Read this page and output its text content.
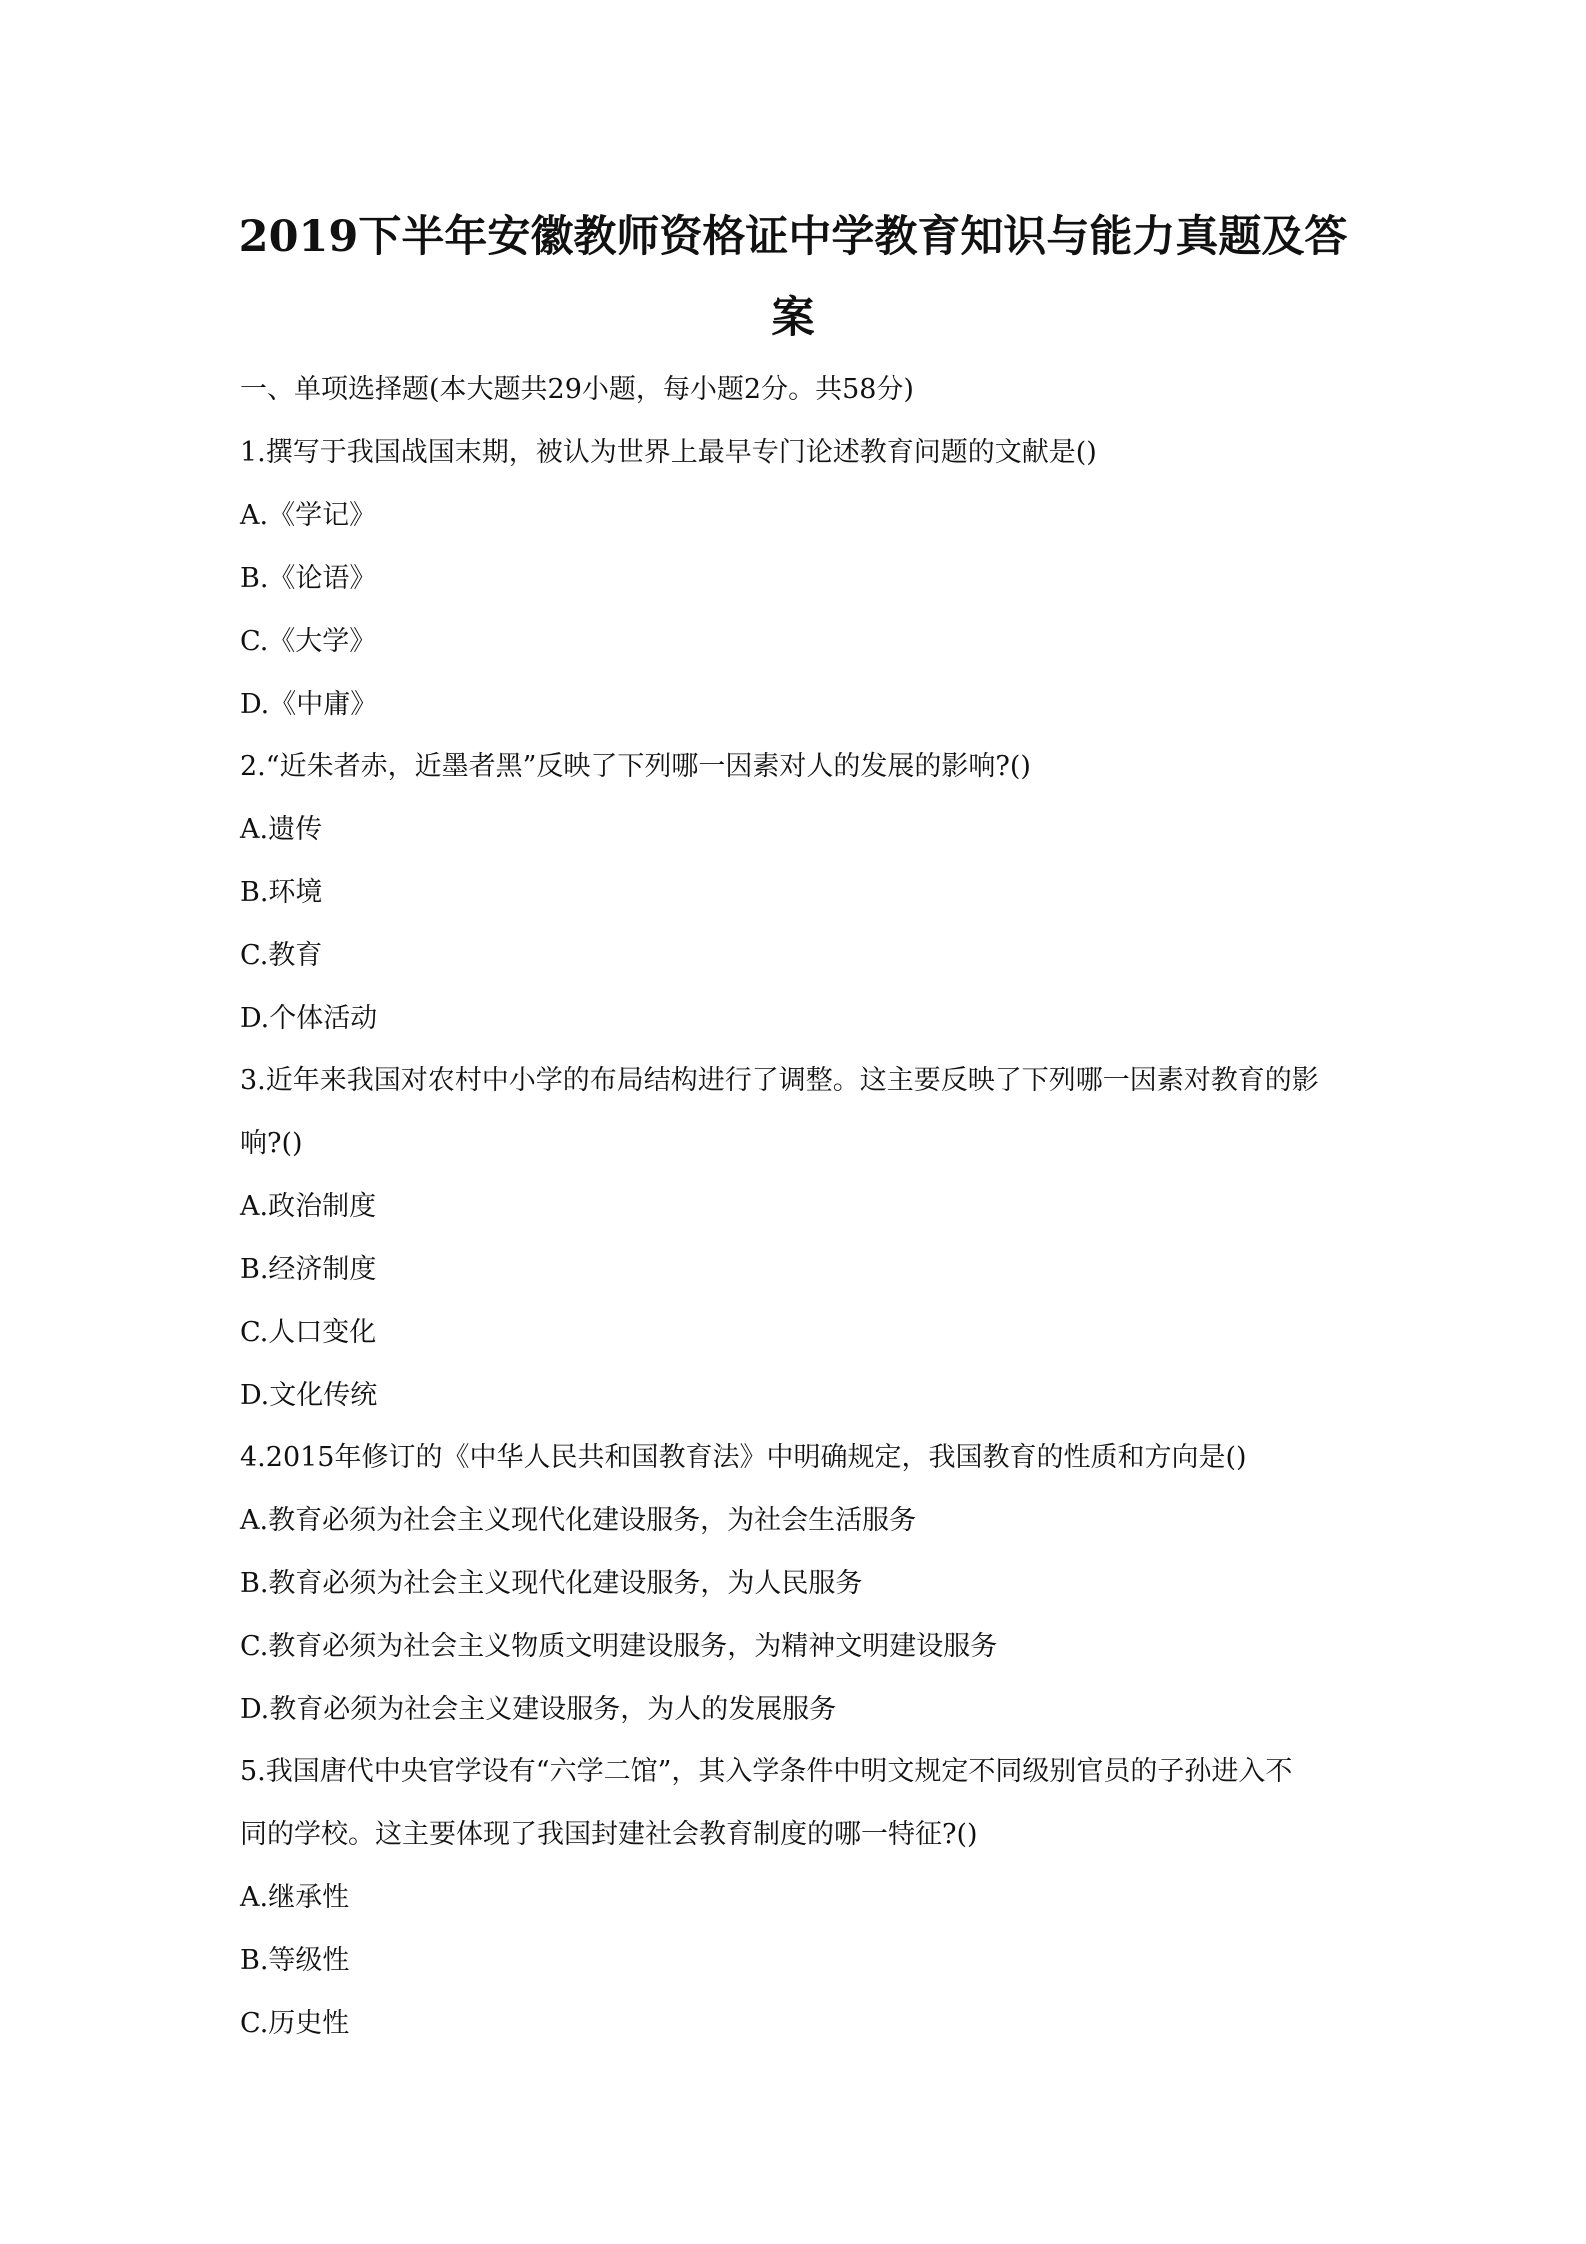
2019下半年安徽教师资格证中学教育知识与能力真题及答
案
一、单项选择题(本大题共29小题，每小题2分。共58分)
1.撰写于我国战国末期，被认为世界上最早专门论述教育问题的文献是()
A.《学记》
B.《论语》
C.《大学》
D.《中庸》
2.“近朱者赤，近墨者黑”反映了下列哪一因素对人的发展的影响?()
A.遗传
B.环境
C.教育
D.个体活动
3.近年来我国对农村中小学的布局结构进行了调整。这主要反映了下列哪一因素对教育的影
响?()
A.政治制度
B.经济制度
C.人口变化
D.文化传统
4.2015年修订的《中华人民共和国教育法》中明确规定，我国教育的性质和方向是()
A.教育必须为社会主义现代化建设服务，为社会生活服务
B.教育必须为社会主义现代化建设服务，为人民服务
C.教育必须为社会主义物质文明建设服务，为精神文明建设服务
D.教育必须为社会主义建设服务，为人的发展服务
5.我国唐代中央官学设有“六学二馆”，其入学条件中明文规定不同级别官员的子孙进入不
同的学校。这主要体现了我国封建社会教育制度的哪一特征?()
A.继承性
B.等级性
C.历史性
